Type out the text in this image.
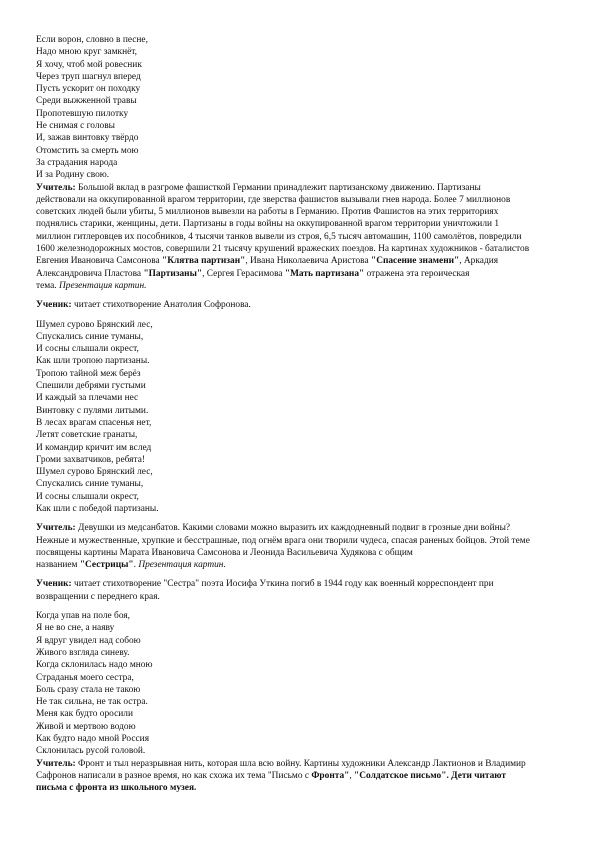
Если ворон, словно в песне,
Надо мною круг замкнёт,
Я хочу, чтоб мой ровесник
Через труп шагнул вперед
Пусть ускорит он походку
Среди выжженной травы
Пропотевшую пилотку
Не снимая с головы
И, зажав винтовку твёрдо
Отомстить за смерть мою
За страдания народа
И за Родину свою.
Учитель: Большой вклад в разгроме фашисткой Германии принадлежит партизанскому движению. Партизаны
действовали на оккупированной врагом территории, где зверства фашистов вызывали гнев народа. Более 7 миллионов
советских людей были убиты, 5 миллионов вывезли на работы в Германию. Против Фашистов на этих территориях
поднялись старики, женщины, дети. Партизаны в годы войны на оккупированной врагом территории уничтожили 1
миллион гитлеровцев их пособников, 4 тысячи танков вывели из строя, 6,5 тысяч автомашин, 1100 самолётов, повредили
1600 железнодорожных мостов, совершили 21 тысячу крушений вражеских поездов. На картинах художников - баталистов
Евгения Ивановича Самсонова "Клятва партизан", Ивана Николаевича Аристова "Спасение знамени", Аркадия
Александровича Пластова "Партизаны", Сергея Герасимова "Мать партизана" отражена эта героическая
тема. Презентация картин.
Ученик: читает стихотворение Анатолия Софронова.
Шумел сурово Брянский лес,
Спускались синие туманы,
И сосны слышали окрест,
Как шли тропою партизаны.
Тропою тайной меж берёз
Спешили дебрями густыми
И каждый за плечами нес
Винтовку с пулями литыми.
В лесах врагам спасенья нет,
Летят советские гранаты,
И командир кричит им вслед
Громи захватчиков, ребята!
Шумел сурово Брянский лес,
Спускались синие туманы,
И сосны слышали окрест,
Как шли с победой партизаны.
Учитель: Девушки из медсанбатов. Какими словами можно выразить их каждодневный подвиг в грозные дни войны?
Нежные и мужественные, хрупкие и бесстрашные, под огнём врага они творили чудеса, спасая раненых бойцов. Этой теме
посвящены картины Марата Ивановича Самсонова и Леонида Васильевича Худякова с общим
названием "Сестрицы". Презентация картин.
Ученик: читает стихотворение "Сестра" поэта Иосифа Уткина погиб в 1944 году как военный корреспондент при
возвращении с переднего края.
Когда упав на поле боя,
Я не во сне, а наяву
Я вдруг увидел над собою
Живого взгляда синеву.
Когда склонилась надо мною
Страданья моего сестра,
Боль сразу стала не такою
Не так сильна, не так остра.
Меня как будто оросили
Живой и мертвою водою
Как будто надо мной Россия
Склонилась русой головой.
Учитель: Фронт и тыл неразрывная нить, которая шла всю войну. Картины художники Александр Лактионов и Владимир
Сафронов написали в разное время, но как схожа их тема "Письмо с Фронта", "Солдатское письмо". Дети читают
письма с фронта из школьного музея.
